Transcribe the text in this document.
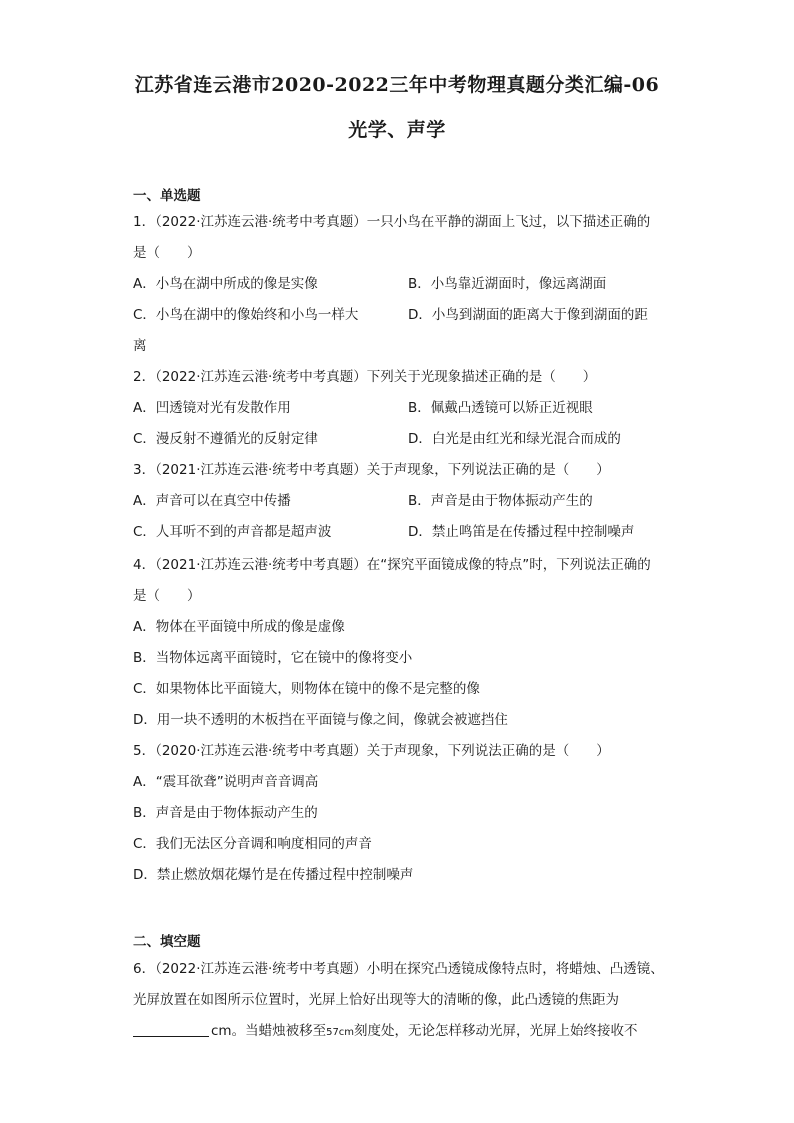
江苏省连云港市2020-2022三年中考物理真题分类汇编-06
光学、声学
一、单选题
1．（2022·江苏连云港·统考中考真题）一只小鸟在平静的湖面上飞过，以下描述正确的
是（　　）
A．小鸟在湖中所成的像是实像	B．小鸟靠近湖面时，像远离湖面
C．小鸟在湖中的像始终和小鸟一样大	D．小鸟到湖面的距离大于像到湖面的距
离
2．（2022·江苏连云港·统考中考真题）下列关于光现象描述正确的是（　　）
A．凹透镜对光有发散作用	B．佩戴凸透镜可以矫正近视眼
C．漫反射不遵循光的反射定律	D．白光是由红光和绿光混合而成的
3．（2021·江苏连云港·统考中考真题）关于声现象，下列说法正确的是（　　）
A．声音可以在真空中传播	B．声音是由于物体振动产生的
C．人耳听不到的声音都是超声波	D．禁止鸣笛是在传播过程中控制噪声
4．（2021·江苏连云港·统考中考真题）在“探究平面镜成像的特点”时，下列说法正确的
是（　　）
A．物体在平面镜中所成的像是虚像
B．当物体远离平面镜时，它在镜中的像将变小
C．如果物体比平面镜大，则物体在镜中的像不是完整的像
D．用一块不透明的木板挡在平面镜与像之间，像就会被遮挡住
5．（2020·江苏连云港·统考中考真题）关于声现象，下列说法正确的是（　　）
A．“震耳欲聋”说明声音音调高
B．声音是由于物体振动产生的
C．我们无法区分音调和响度相同的声音
D．禁止燃放烟花爆竹是在传播过程中控制噪声
二、填空题
6．（2022·江苏连云港·统考中考真题）小明在探究凸透镜成像特点时，将蜡烛、凸透镜、
光屏放置在如图所示位置时，光屏上恰好出现等大的清晰的像，此凸透镜的焦距为
cm。当蜡烛被移至57cm刻度处，无论怎样移动光屏，光屏上始终接收不
